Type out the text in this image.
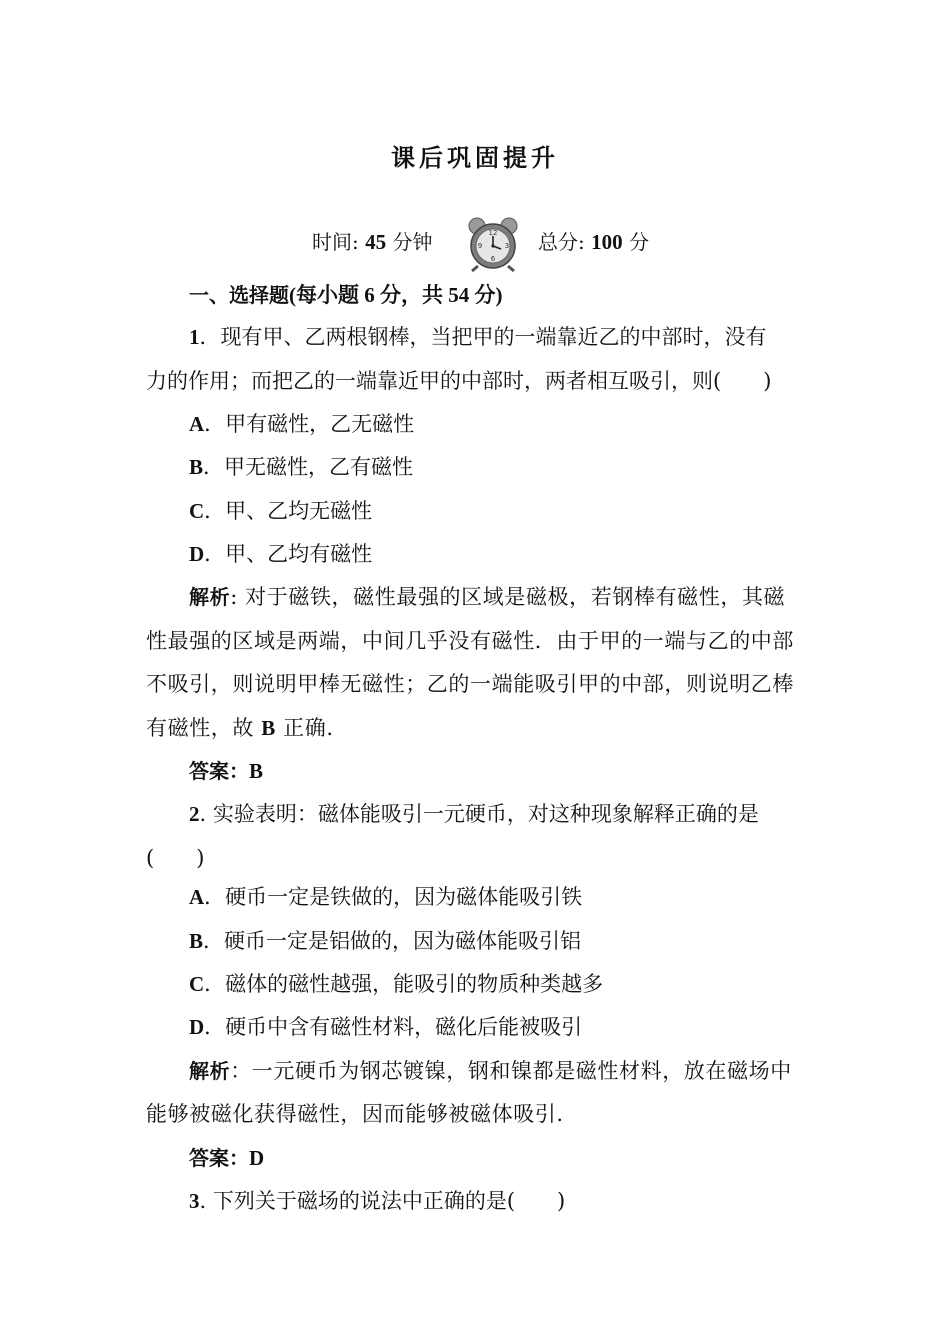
课后巩固提升
时间: 45 分钟	12
3
6
9	总分: 100 分
一、选择题(每小题 6 分，共 54 分)
1．现有甲、乙两根钢棒，当把甲的一端靠近乙的中部时，没有
力的作用；而把乙的一端靠近甲的中部时，两者相互吸引，则(　　)
A．甲有磁性，乙无磁性
B．甲无磁性，乙有磁性
C．甲、乙均无磁性
D．甲、乙均有磁性
解析: 对于磁铁，磁性最强的区域是磁极，若钢棒有磁性，其磁
性最强的区域是两端，中间几乎没有磁性．由于甲的一端与乙的中部
不吸引，则说明甲棒无磁性；乙的一端能吸引甲的中部，则说明乙棒
有磁性，故 B 正确.
答案：B
2. 实验表明：磁体能吸引一元硬币，对这种现象解释正确的是
(　　)
A．硬币一定是铁做的，因为磁体能吸引铁
B．硬币一定是铝做的，因为磁体能吸引铝
C．磁体的磁性越强，能吸引的物质种类越多
D．硬币中含有磁性材料，磁化后能被吸引
解析：一元硬币为钢芯镀镍，钢和镍都是磁性材料，放在磁场中
能够被磁化获得磁性，因而能够被磁体吸引.
答案：D
3. 下列关于磁场的说法中正确的是(　　)
